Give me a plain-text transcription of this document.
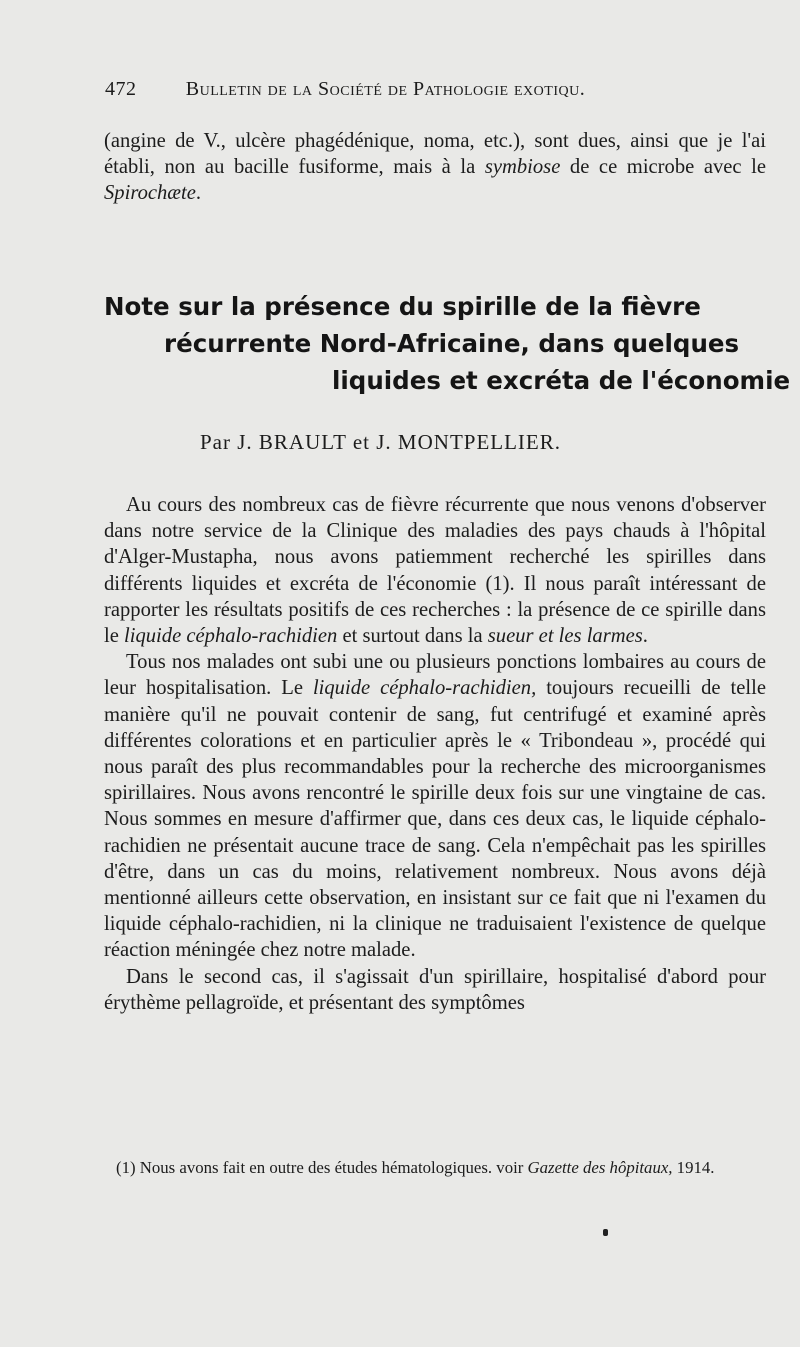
472 Bulletin de la Société de Pathologie exotiqu.

(angine de V., ulcère phagédénique, noma, etc.), sont dues, ainsi que je l'ai établi, non au bacille fusiforme, mais à la symbiose de ce microbe avec le Spirochæte.

Note sur la présence du spirille de la fièvre
récurrente Nord-Africaine, dans quelques
liquides et excréta de l'économie
Par J. BRAULT et J. MONTPELLIER.

Au cours des nombreux cas de fièvre récurrente que nous venons d'observer dans notre service de la Clinique des maladies des pays chauds à l'hôpital d'Alger-Mustapha, nous avons patiemment recherché les spirilles dans différents liquides et excréta de l'économie (1). Il nous paraît intéressant de rapporter les résultats positifs de ces recherches : la présence de ce spirille dans le liquide céphalo-rachidien et surtout dans la sueur et les larmes.

Tous nos malades ont subi une ou plusieurs ponctions lombaires au cours de leur hospitalisation. Le liquide céphalo-rachidien, toujours recueilli de telle manière qu'il ne pouvait contenir de sang, fut centrifugé et examiné après différentes colorations et en particulier après le « Tribondeau », procédé qui nous paraît des plus recommandables pour la recherche des microorganismes spirillaires. Nous avons rencontré le spirille deux fois sur une vingtaine de cas. Nous sommes en mesure d'affirmer que, dans ces deux cas, le liquide céphalo-rachidien ne présentait aucune trace de sang. Cela n'empêchait pas les spirilles d'être, dans un cas du moins, relativement nombreux. Nous avons déjà mentionné ailleurs cette observation, en insistant sur ce fait que ni l'examen du liquide céphalo-rachidien, ni la clinique ne traduisaient l'existence de quelque réaction méningée chez notre malade.

Dans le second cas, il s'agissait d'un spirillaire, hospitalisé d'abord pour érythème pellagroïde, et présentant des symptômes

(1) Nous avons fait en outre des études hématologiques. voir Gazette des hôpitaux, 1914.
